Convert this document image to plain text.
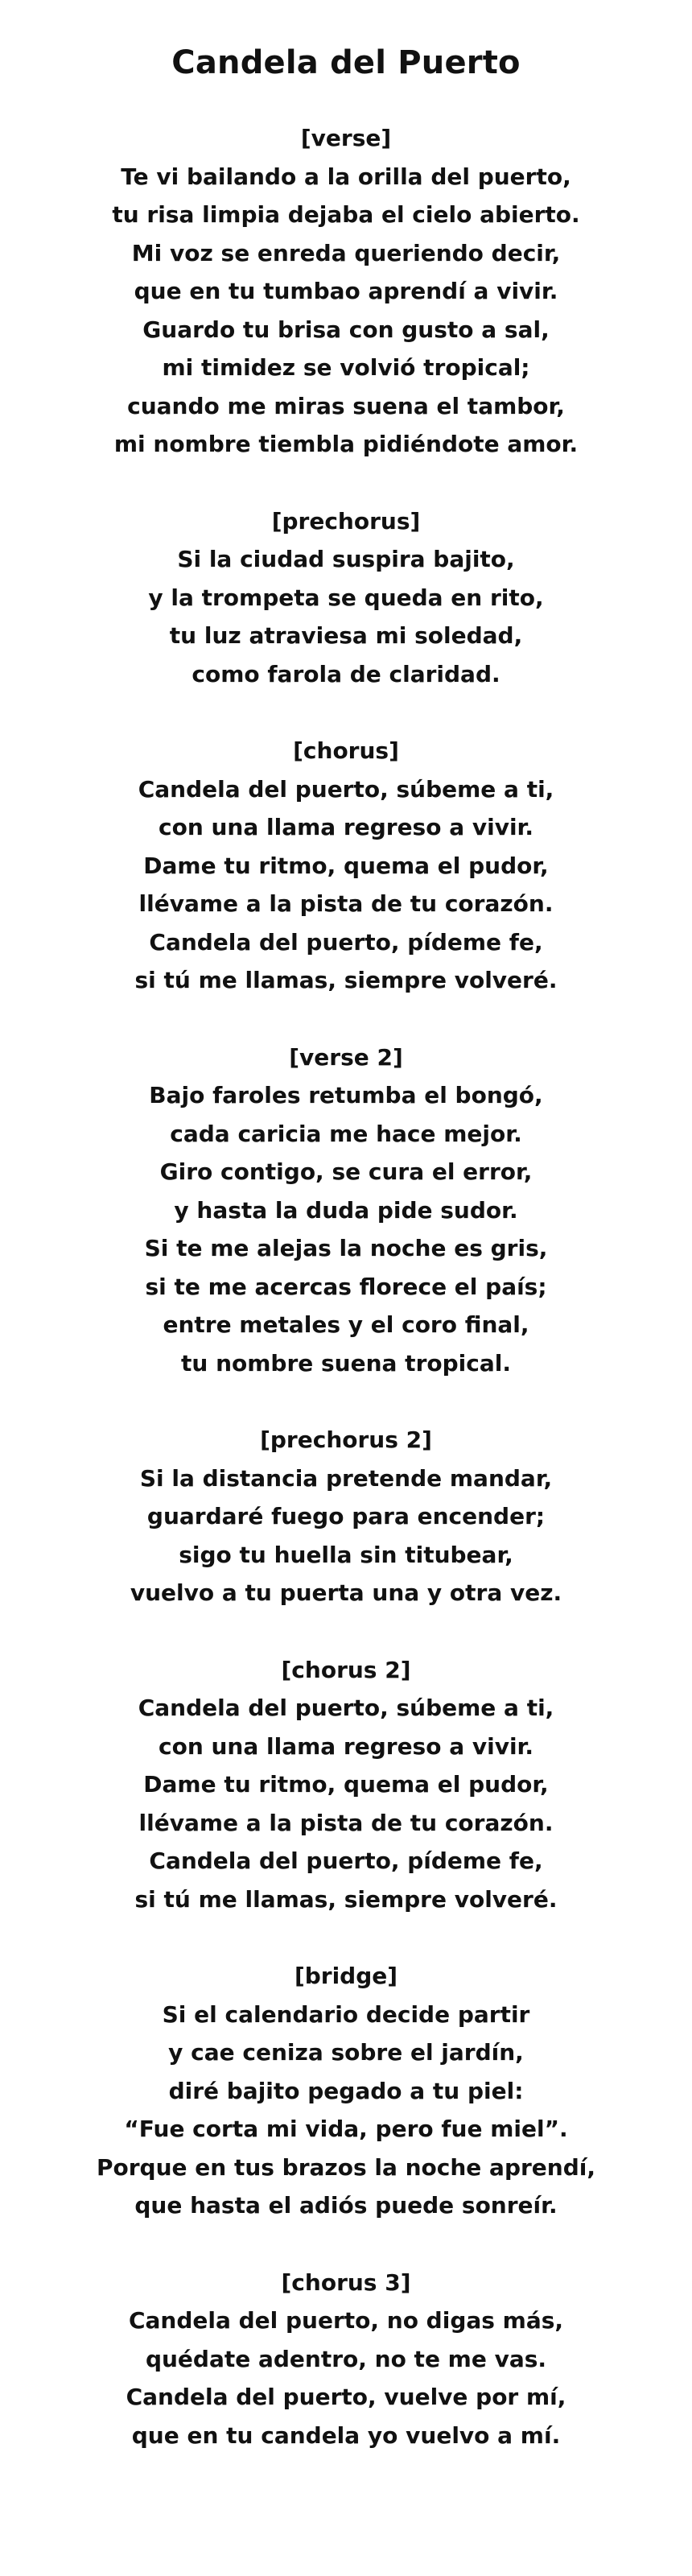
Candela del Puerto
[verse]
Te vi bailando a la orilla del puerto,
tu risa limpia dejaba el cielo abierto.
Mi voz se enreda queriendo decir,
que en tu tumbao aprendí a vivir.
Guardo tu brisa con gusto a sal,
mi timidez se volvió tropical;
cuando me miras suena el tambor,
mi nombre tiembla pidiéndote amor.
[prechorus]
Si la ciudad suspira bajito,
y la trompeta se queda en rito,
tu luz atraviesa mi soledad,
como farola de claridad.
[chorus]
Candela del puerto, súbeme a ti,
con una llama regreso a vivir.
Dame tu ritmo, quema el pudor,
llévame a la pista de tu corazón.
Candela del puerto, pídeme fe,
si tú me llamas, siempre volveré.
[verse 2]
Bajo faroles retumba el bongó,
cada caricia me hace mejor.
Giro contigo, se cura el error,
y hasta la duda pide sudor.
Si te me alejas la noche es gris,
si te me acercas florece el país;
entre metales y el coro final,
tu nombre suena tropical.
[prechorus 2]
Si la distancia pretende mandar,
guardaré fuego para encender;
sigo tu huella sin titubear,
vuelvo a tu puerta una y otra vez.
[chorus 2]
Candela del puerto, súbeme a ti,
con una llama regreso a vivir.
Dame tu ritmo, quema el pudor,
llévame a la pista de tu corazón.
Candela del puerto, pídeme fe,
si tú me llamas, siempre volveré.
[bridge]
Si el calendario decide partir
y cae ceniza sobre el jardín,
diré bajito pegado a tu piel:
“Fue corta mi vida, pero fue miel”.
Porque en tus brazos la noche aprendí,
que hasta el adiós puede sonreír.
[chorus 3]
Candela del puerto, no digas más,
quédate adentro, no te me vas.
Candela del puerto, vuelve por mí,
que en tu candela yo vuelvo a mí.
